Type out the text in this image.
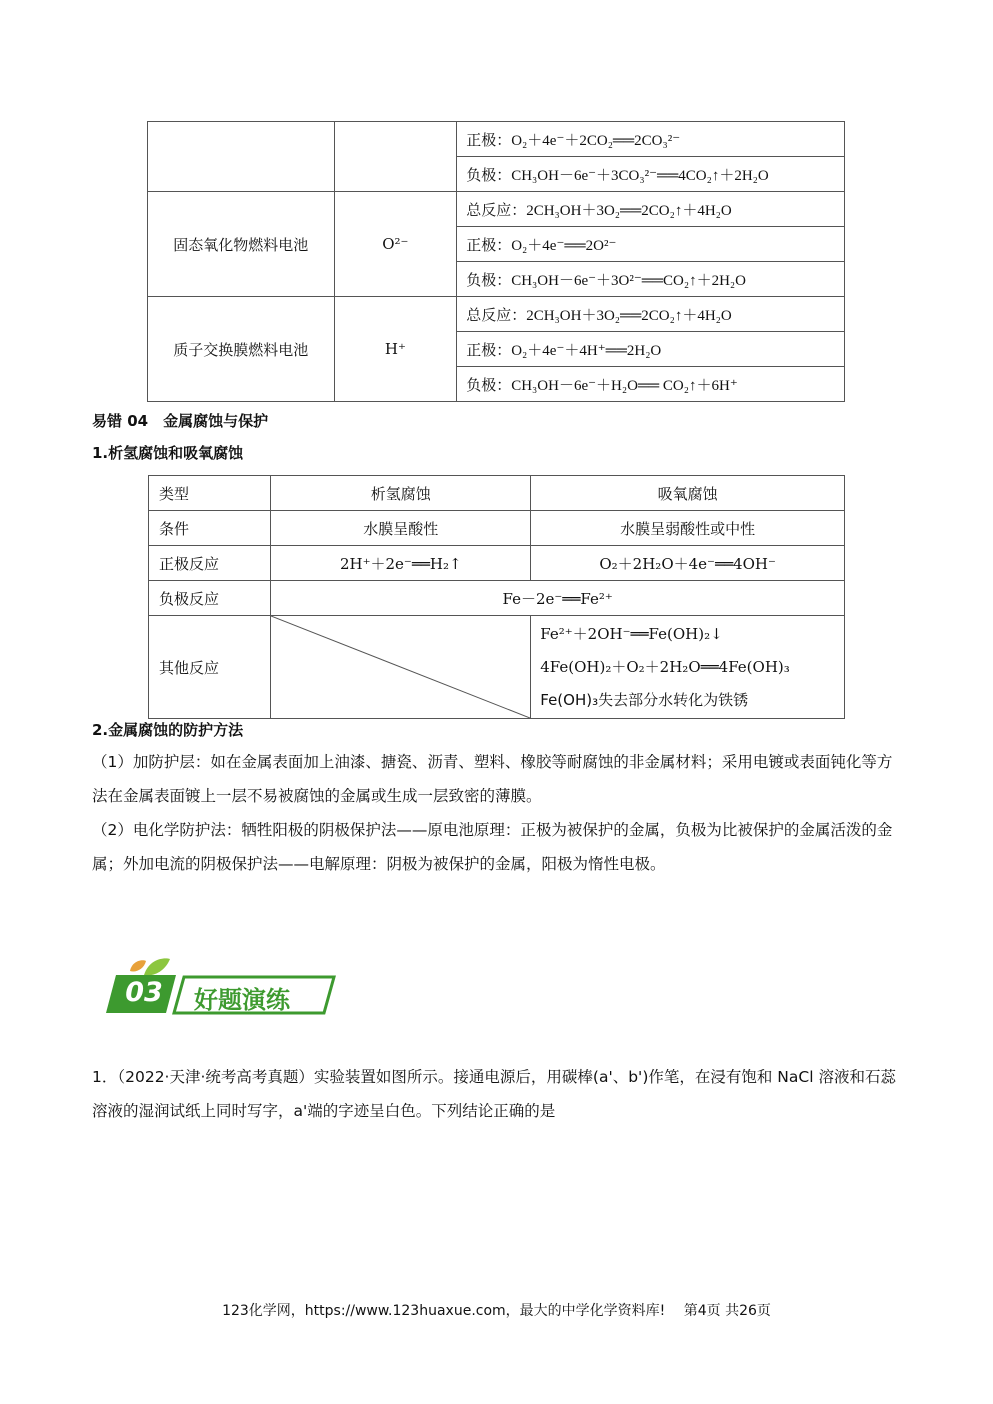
		正极：O₂＋4e⁻＋2CO₂══2CO₃²⁻
		负极：CH₃OH－6e⁻＋3CO₃²⁻══4CO₂↑＋2H₂O
固态氧化物燃料电池	O²⁻	总反应：2CH₃OH＋3O₂══2CO₂↑＋4H₂O
		正极：O₂＋4e⁻══2O²⁻
		负极：CH₃OH－6e⁻＋3O²⁻══CO₂↑＋2H₂O
质子交换膜燃料电池	H⁺	总反应：2CH₃OH＋3O₂══2CO₂↑＋4H₂O
		正极：O₂＋4e⁻＋4H⁺══2H₂O
		负极：CH₃OH－6e⁻＋H₂O══ CO₂↑＋6H⁺
易错 04　金属腐蚀与保护
1.析氢腐蚀和吸氧腐蚀
类型	析氢腐蚀	吸氧腐蚀
条件	水膜呈酸性	水膜呈弱酸性或中性
正极反应	2H⁺＋2e⁻══H₂↑	O₂＋2H₂O＋4e⁻══4OH⁻
负极反应	Fe－2e⁻══Fe²⁺	
其他反应		Fe²⁺＋2OH⁻══Fe(OH)₂↓
4Fe(OH)₂＋O₂＋2H₂O══4Fe(OH)₃
Fe(OH)₃失去部分水转化为铁锈
2.金属腐蚀的防护方法
（1）加防护层：如在金属表面加上油漆、搪瓷、沥青、塑料、橡胶等耐腐蚀的非金属材料；采用电镀或表面钝化等方法在金属表面镀上一层不易被腐蚀的金属或生成一层致密的薄膜。
（2）电化学防护法：牺牲阳极的阴极保护法——原电池原理：正极为被保护的金属，负极为比被保护的金属活泼的金属；外加电流的阴极保护法——电解原理：阴极为被保护的金属，阳极为惰性电极。
03 好题演练
1．（2022·天津·统考高考真题）实验装置如图所示。接通电源后，用碳棒(a'、b')作笔，在浸有饱和 NaCl 溶液和石蕊溶液的湿润试纸上同时写字，a'端的字迹呈白色。下列结论正确的是
123化学网，https://www.123huaxue.com，最大的中学化学资料库!　 第4页 共26页
